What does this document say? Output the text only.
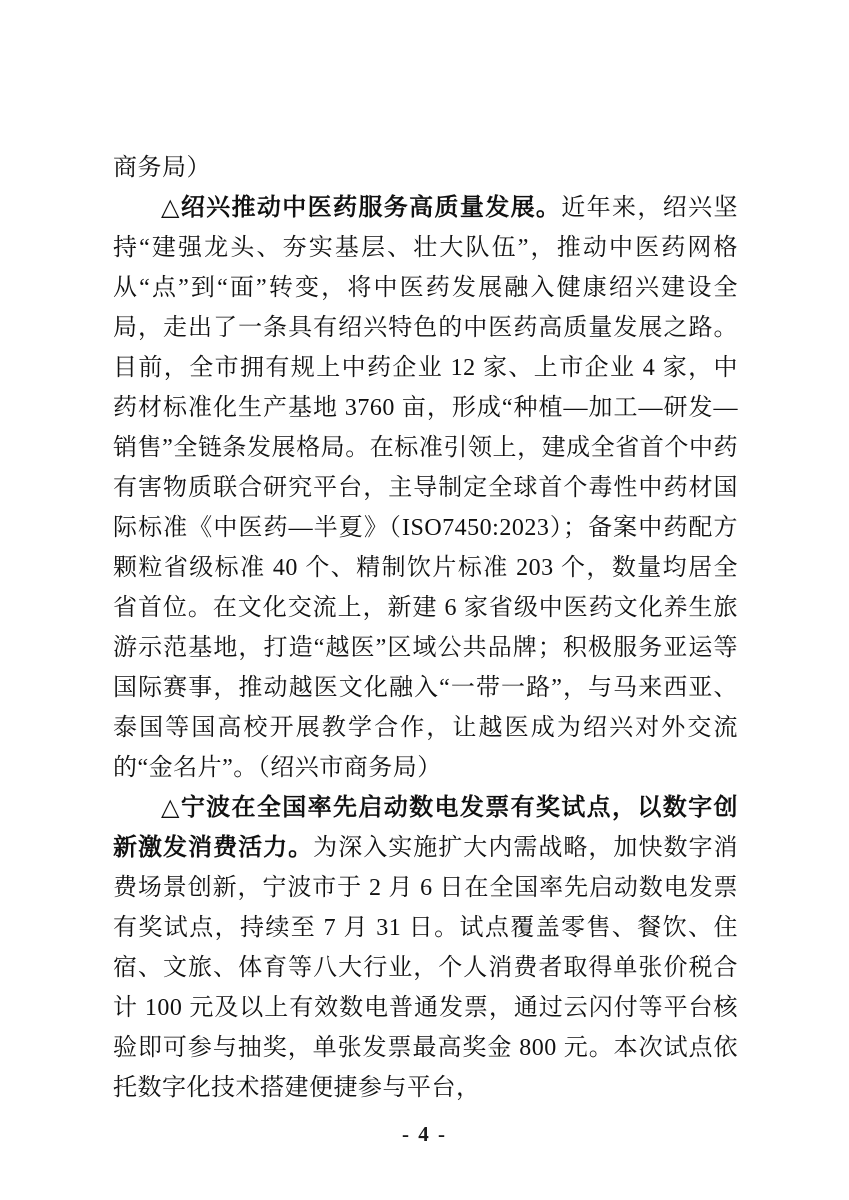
商务局）

△绍兴推动中医药服务高质量发展。近年来，绍兴坚持“建强龙头、夯实基层、壮大队伍”，推动中医药网格从“点”到“面”转变，将中医药发展融入健康绍兴建设全局，走出了一条具有绍兴特色的中医药高质量发展之路。目前，全市拥有规上中药企业 12 家、上市企业 4 家，中药材标准化生产基地 3760 亩，形成“种植—加工—研发—销售”全链条发展格局。在标准引领上，建成全省首个中药有害物质联合研究平台，主导制定全球首个毒性中药材国际标准《中医药—半夏》（ISO7450:2023）；备案中药配方颗粒省级标准 40 个、精制饮片标准 203 个，数量均居全省首位。在文化交流上，新建 6 家省级中医药文化养生旅游示范基地，打造“越医”区域公共品牌；积极服务亚运等国际赛事，推动越医文化融入“一带一路”，与马来西亚、泰国等国高校开展教学合作，让越医成为绍兴对外交流的“金名片”。（绍兴市商务局）

△宁波在全国率先启动数电发票有奖试点，以数字创新激发消费活力。为深入实施扩大内需战略，加快数字消费场景创新，宁波市于 2 月 6 日在全国率先启动数电发票有奖试点，持续至 7 月 31 日。试点覆盖零售、餐饮、住宿、文旅、体育等八大行业，个人消费者取得单张价税合计 100 元及以上有效数电普通发票，通过云闪付等平台核验即可参与抽奖，单张发票最高奖金 800 元。本次试点依托数字化技术搭建便捷参与平台，

- 4 -
